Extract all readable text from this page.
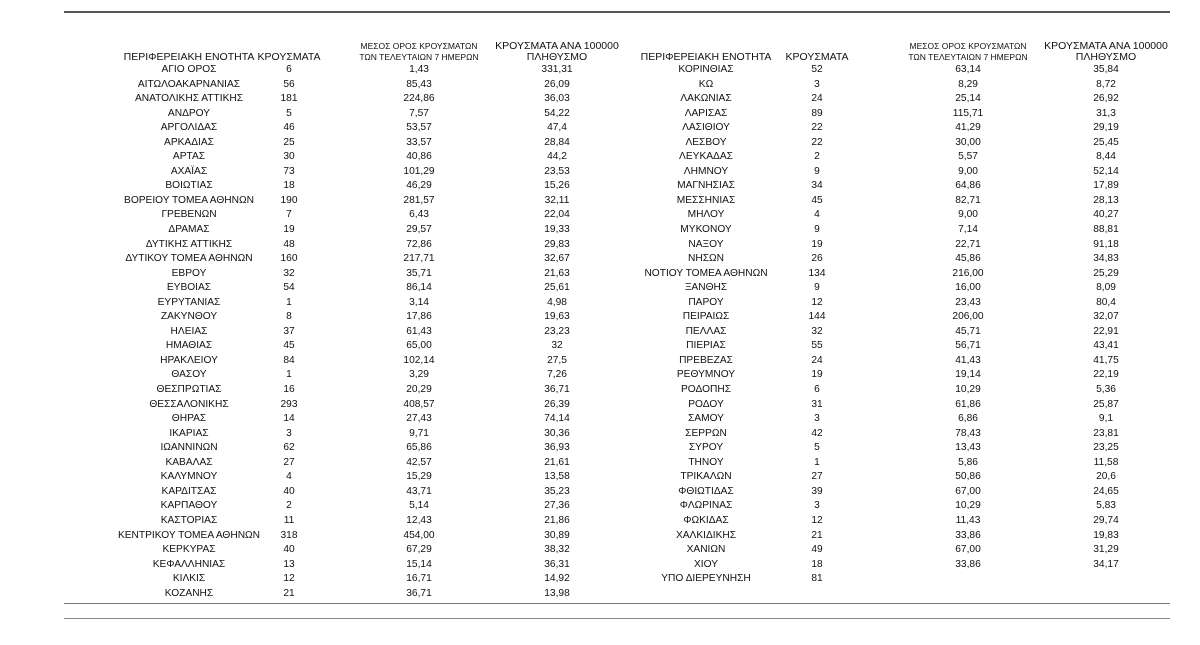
ΠΕΡΙΦΕΡΕΙΑΚΗ ΕΝΟΤΗΤΑ ΚΡΟΥΣΜΑΤΑ
ΜΕΣΟΣ ΟΡΟΣ ΚΡΟΥΣΜΑΤΩΝ
ΤΩΝ ΤΕΛΕΥΤΑΙΩΝ 7 ΗΜΕΡΩΝ
ΚΡΟΥΣΜΑΤΑ ΑΝΑ 100000
ΠΛΗΘΥΣΜΟ
ΑΓΙΟ ΟΡΟΣ	6	1,43	331,31
ΑΙΤΩΛΟΑΚΑΡΝΑΝΙΑΣ	56	85,43	26,09
ΑΝΑΤΟΛΙΚΗΣ ΑΤΤΙΚΗΣ	181	224,86	36,03
ΑΝΔΡΟΥ	5	7,57	54,22
ΑΡΓΟΛΙΔΑΣ	46	53,57	47,4
ΑΡΚΑΔΙΑΣ	25	33,57	28,84
ΑΡΤΑΣ	30	40,86	44,2
ΑΧΑΪΑΣ	73	101,29	23,53
ΒΟΙΩΤΙΑΣ	18	46,29	15,26
ΒΟΡΕΙΟΥ ΤΟΜΕΑ ΑΘΗΝΩΝ	190	281,57	32,11
ΓΡΕΒΕΝΩΝ	7	6,43	22,04
ΔΡΑΜΑΣ	19	29,57	19,33
ΔΥΤΙΚΗΣ ΑΤΤΙΚΗΣ	48	72,86	29,83
ΔΥΤΙΚΟΥ ΤΟΜΕΑ ΑΘΗΝΩΝ	160	217,71	32,67
ΕΒΡΟΥ	32	35,71	21,63
ΕΥΒΟΙΑΣ	54	86,14	25,61
ΕΥΡΥΤΑΝΙΑΣ	1	3,14	4,98
ΖΑΚΥΝΘΟΥ	8	17,86	19,63
ΗΛΕΙΑΣ	37	61,43	23,23
ΗΜΑΘΙΑΣ	45	65,00	32
ΗΡΑΚΛΕΙΟΥ	84	102,14	27,5
ΘΑΣΟΥ	1	3,29	7,26
ΘΕΣΠΡΩΤΙΑΣ	16	20,29	36,71
ΘΕΣΣΑΛΟΝΙΚΗΣ	293	408,57	26,39
ΘΗΡΑΣ	14	27,43	74,14
ΙΚΑΡΙΑΣ	3	9,71	30,36
ΙΩΑΝΝΙΝΩΝ	62	65,86	36,93
ΚΑΒΑΛΑΣ	27	42,57	21,61
ΚΑΛΥΜΝΟΥ	4	15,29	13,58
ΚΑΡΔΙΤΣΑΣ	40	43,71	35,23
ΚΑΡΠΑΘΟΥ	2	5,14	27,36
ΚΑΣΤΟΡΙΑΣ	11	12,43	21,86
ΚΕΝΤΡΙΚΟΥ ΤΟΜΕΑ ΑΘΗΝΩΝ	318	454,00	30,89
ΚΕΡΚΥΡΑΣ	40	67,29	38,32
ΚΕΦΑΛΛΗΝΙΑΣ	13	15,14	36,31
ΚΙΛΚΙΣ	12	16,71	14,92
ΚΟΖΑΝΗΣ	21	36,71	13,98
ΠΕΡΙΦΕΡΕΙΑΚΗ ΕΝΟΤΗΤΑ	ΚΡΟΥΣΜΑΤΑ
ΜΕΣΟΣ ΟΡΟΣ ΚΡΟΥΣΜΑΤΩΝ
ΤΩΝ ΤΕΛΕΥΤΑΙΩΝ 7 ΗΜΕΡΩΝ
ΚΡΟΥΣΜΑΤΑ ΑΝΑ 100000
ΠΛΗΘΥΣΜΟ
ΚΟΡΙΝΘΙΑΣ	52	63,14	35,84
ΚΩ	3	8,29	8,72
ΛΑΚΩΝΙΑΣ	24	25,14	26,92
ΛΑΡΙΣΑΣ	89	115,71	31,3
ΛΑΣΙΘΙΟΥ	22	41,29	29,19
ΛΕΣΒΟΥ	22	30,00	25,45
ΛΕΥΚΑΔΑΣ	2	5,57	8,44
ΛΗΜΝΟΥ	9	9,00	52,14
ΜΑΓΝΗΣΙΑΣ	34	64,86	17,89
ΜΕΣΣΗΝΙΑΣ	45	82,71	28,13
ΜΗΛΟΥ	4	9,00	40,27
ΜΥΚΟΝΟΥ	9	7,14	88,81
ΝΑΞΟΥ	19	22,71	91,18
ΝΗΣΩΝ	26	45,86	34,83
ΝΟΤΙΟΥ ΤΟΜΕΑ ΑΘΗΝΩΝ	134	216,00	25,29
ΞΑΝΘΗΣ	9	16,00	8,09
ΠΑΡΟΥ	12	23,43	80,4
ΠΕΙΡΑΙΩΣ	144	206,00	32,07
ΠΕΛΛΑΣ	32	45,71	22,91
ΠΙΕΡΙΑΣ	55	56,71	43,41
ΠΡΕΒΕΖΑΣ	24	41,43	41,75
ΡΕΘΥΜΝΟΥ	19	19,14	22,19
ΡΟΔΟΠΗΣ	6	10,29	5,36
ΡΟΔΟΥ	31	61,86	25,87
ΣΑΜΟΥ	3	6,86	9,1
ΣΕΡΡΩΝ	42	78,43	23,81
ΣΥΡΟΥ	5	13,43	23,25
ΤΗΝΟΥ	1	5,86	11,58
ΤΡΙΚΑΛΩΝ	27	50,86	20,6
ΦΘΙΩΤΙΔΑΣ	39	67,00	24,65
ΦΛΩΡΙΝΑΣ	3	10,29	5,83
ΦΩΚΙΔΑΣ	12	11,43	29,74
ΧΑΛΚΙΔΙΚΗΣ	21	33,86	19,83
ΧΑΝΙΩΝ	49	67,00	31,29
ΧΙΟΥ	18	33,86	34,17
ΥΠΟ ΔΙΕΡΕΥΝΗΣΗ	81
